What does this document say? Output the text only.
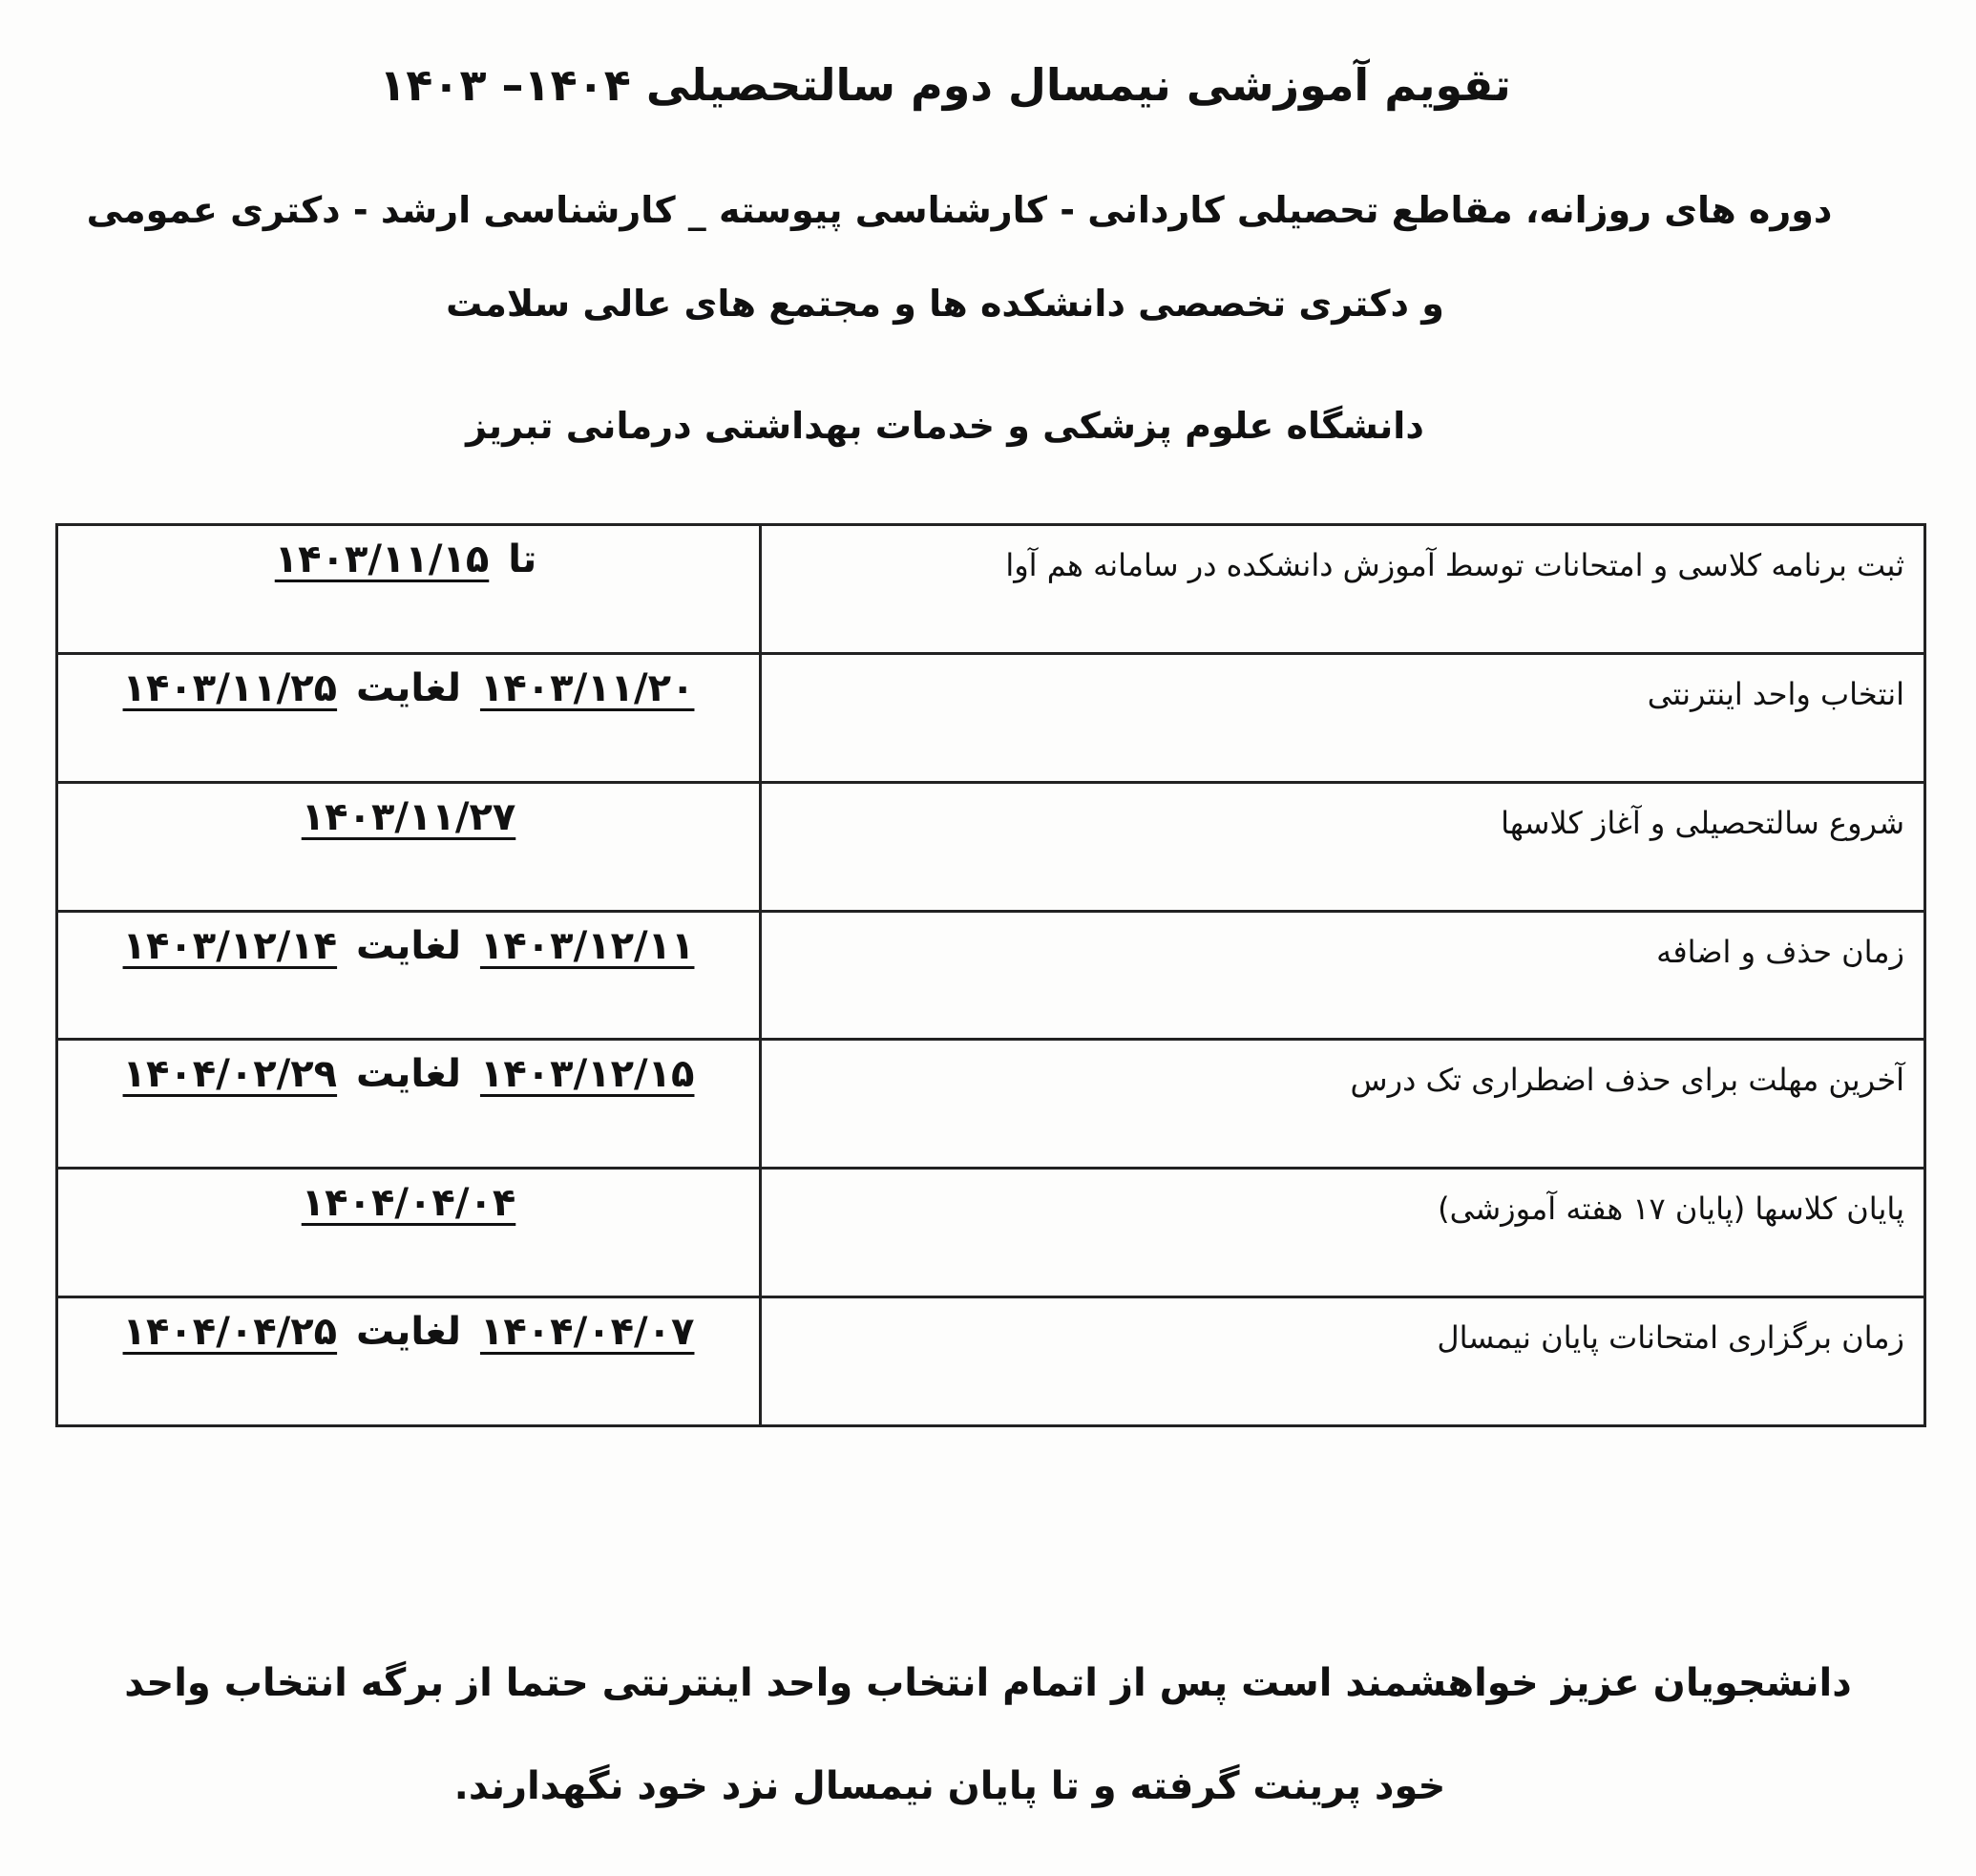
تقویم آموزشی نیمسال دوم سالتحصیلی ۱۴۰۴– ۱۴۰۳
دوره های روزانه، مقاطع تحصیلی کاردانی - کارشناسی پیوسته _ کارشناسی ارشد - دکتری عمومی
و دکتری تخصصی دانشکده ها و مجتمع های عالی سلامت
دانشگاه علوم پزشکی و خدمات بهداشتی درمانی تبریز
ثبت برنامه کلاسی و امتحانات توسط آموزش دانشکده در سامانه هم آوا	تا ۱۴۰۳/۱۱/۱۵
انتخاب واحد اینترنتی	۱۴۰۳/۱۱/۲۰ لغایت ۱۴۰۳/۱۱/۲۵
شروع سالتحصیلی و آغاز کلاسها	۱۴۰۳/۱۱/۲۷
زمان حذف و اضافه	۱۴۰۳/۱۲/۱۱ لغایت ۱۴۰۳/۱۲/۱۴
آخرین مهلت برای حذف اضطراری تک درس	۱۴۰۳/۱۲/۱۵ لغایت ۱۴۰۴/۰۲/۲۹
پایان کلاسها (پایان ۱۷ هفته آموزشی)	۱۴۰۴/۰۴/۰۴
زمان برگزاری امتحانات پایان نیمسال	۱۴۰۴/۰۴/۰۷ لغایت ۱۴۰۴/۰۴/۲۵
دانشجویان عزیز خواهشمند است پس از اتمام انتخاب واحد اینترنتی حتما از برگه انتخاب واحد
خود پرینت گرفته و تا پایان نیمسال نزد خود نگهدارند.
